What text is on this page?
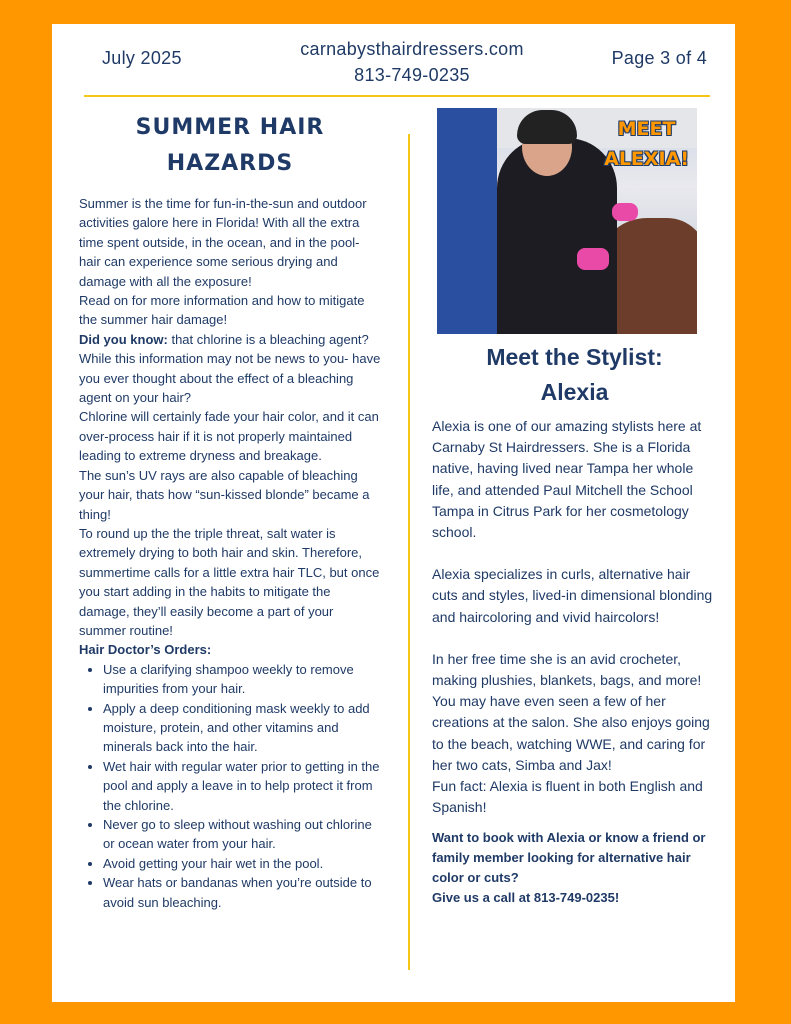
July 2025	carnabysthairdressers.com
813-749-0235
Page 3 of 4
SUMMER HAIR HAZARDS

Summer is the time for fun-in-the-sun and outdoor activities galore here in Florida! With all the extra time spent outside, in the ocean, and in the pool- hair can experience some serious drying and damage with all the exposure!

Read on for more information and how to mitigate the summer hair damage!

Did you know: that chlorine is a bleaching agent?

While this information may not be news to you- have you ever thought about the effect of a bleaching agent on your hair?

Chlorine will certainly fade your hair color, and it can over-process hair if it is not properly maintained leading to extreme dryness and breakage.

The sun’s UV rays are also capable of bleaching your hair, thats how “sun-kissed blonde” became a thing!

To round up the the triple threat, salt water is extremely drying to both hair and skin. Therefore, summertime calls for a little extra hair TLC, but once you start adding in the habits to mitigate the damage, they’ll easily become a part of your summer routine!

Hair Doctor’s Orders:

• Use a clarifying shampoo weekly to remove impurities from your hair.
• Apply a deep conditioning mask weekly to add moisture, protein, and other vitamins and minerals back into the hair.
• Wet hair with regular water prior to getting in the pool and apply a leave in to help protect it from the chlorine.
• Never go to sleep without washing out chlorine or ocean water from your hair.
• Avoid getting your hair wet in the pool.
• Wear hats or bandanas when you’re outside to avoid sun bleaching.
MEET
ALEXIA!
Meet the Stylist:
Alexia

Alexia is one of our amazing stylists here at Carnaby St Hairdressers. She is a Florida native, having lived near Tampa her whole life, and attended Paul Mitchell the School Tampa in Citrus Park for her cosmetology school.

Alexia specializes in curls, alternative hair cuts and styles, lived-in dimensional blonding and haircoloring and vivid haircolors!

In her free time she is an avid crocheter, making plushies, blankets, bags, and more! You may have even seen a few of her creations at the salon. She also enjoys going to the beach, watching WWE, and caring for her two cats, Simba and Jax!

Fun fact: Alexia is fluent in both English and Spanish!

Want to book with Alexia or know a friend or family member looking for alternative hair color or cuts?
Give us a call at 813-749-0235!
